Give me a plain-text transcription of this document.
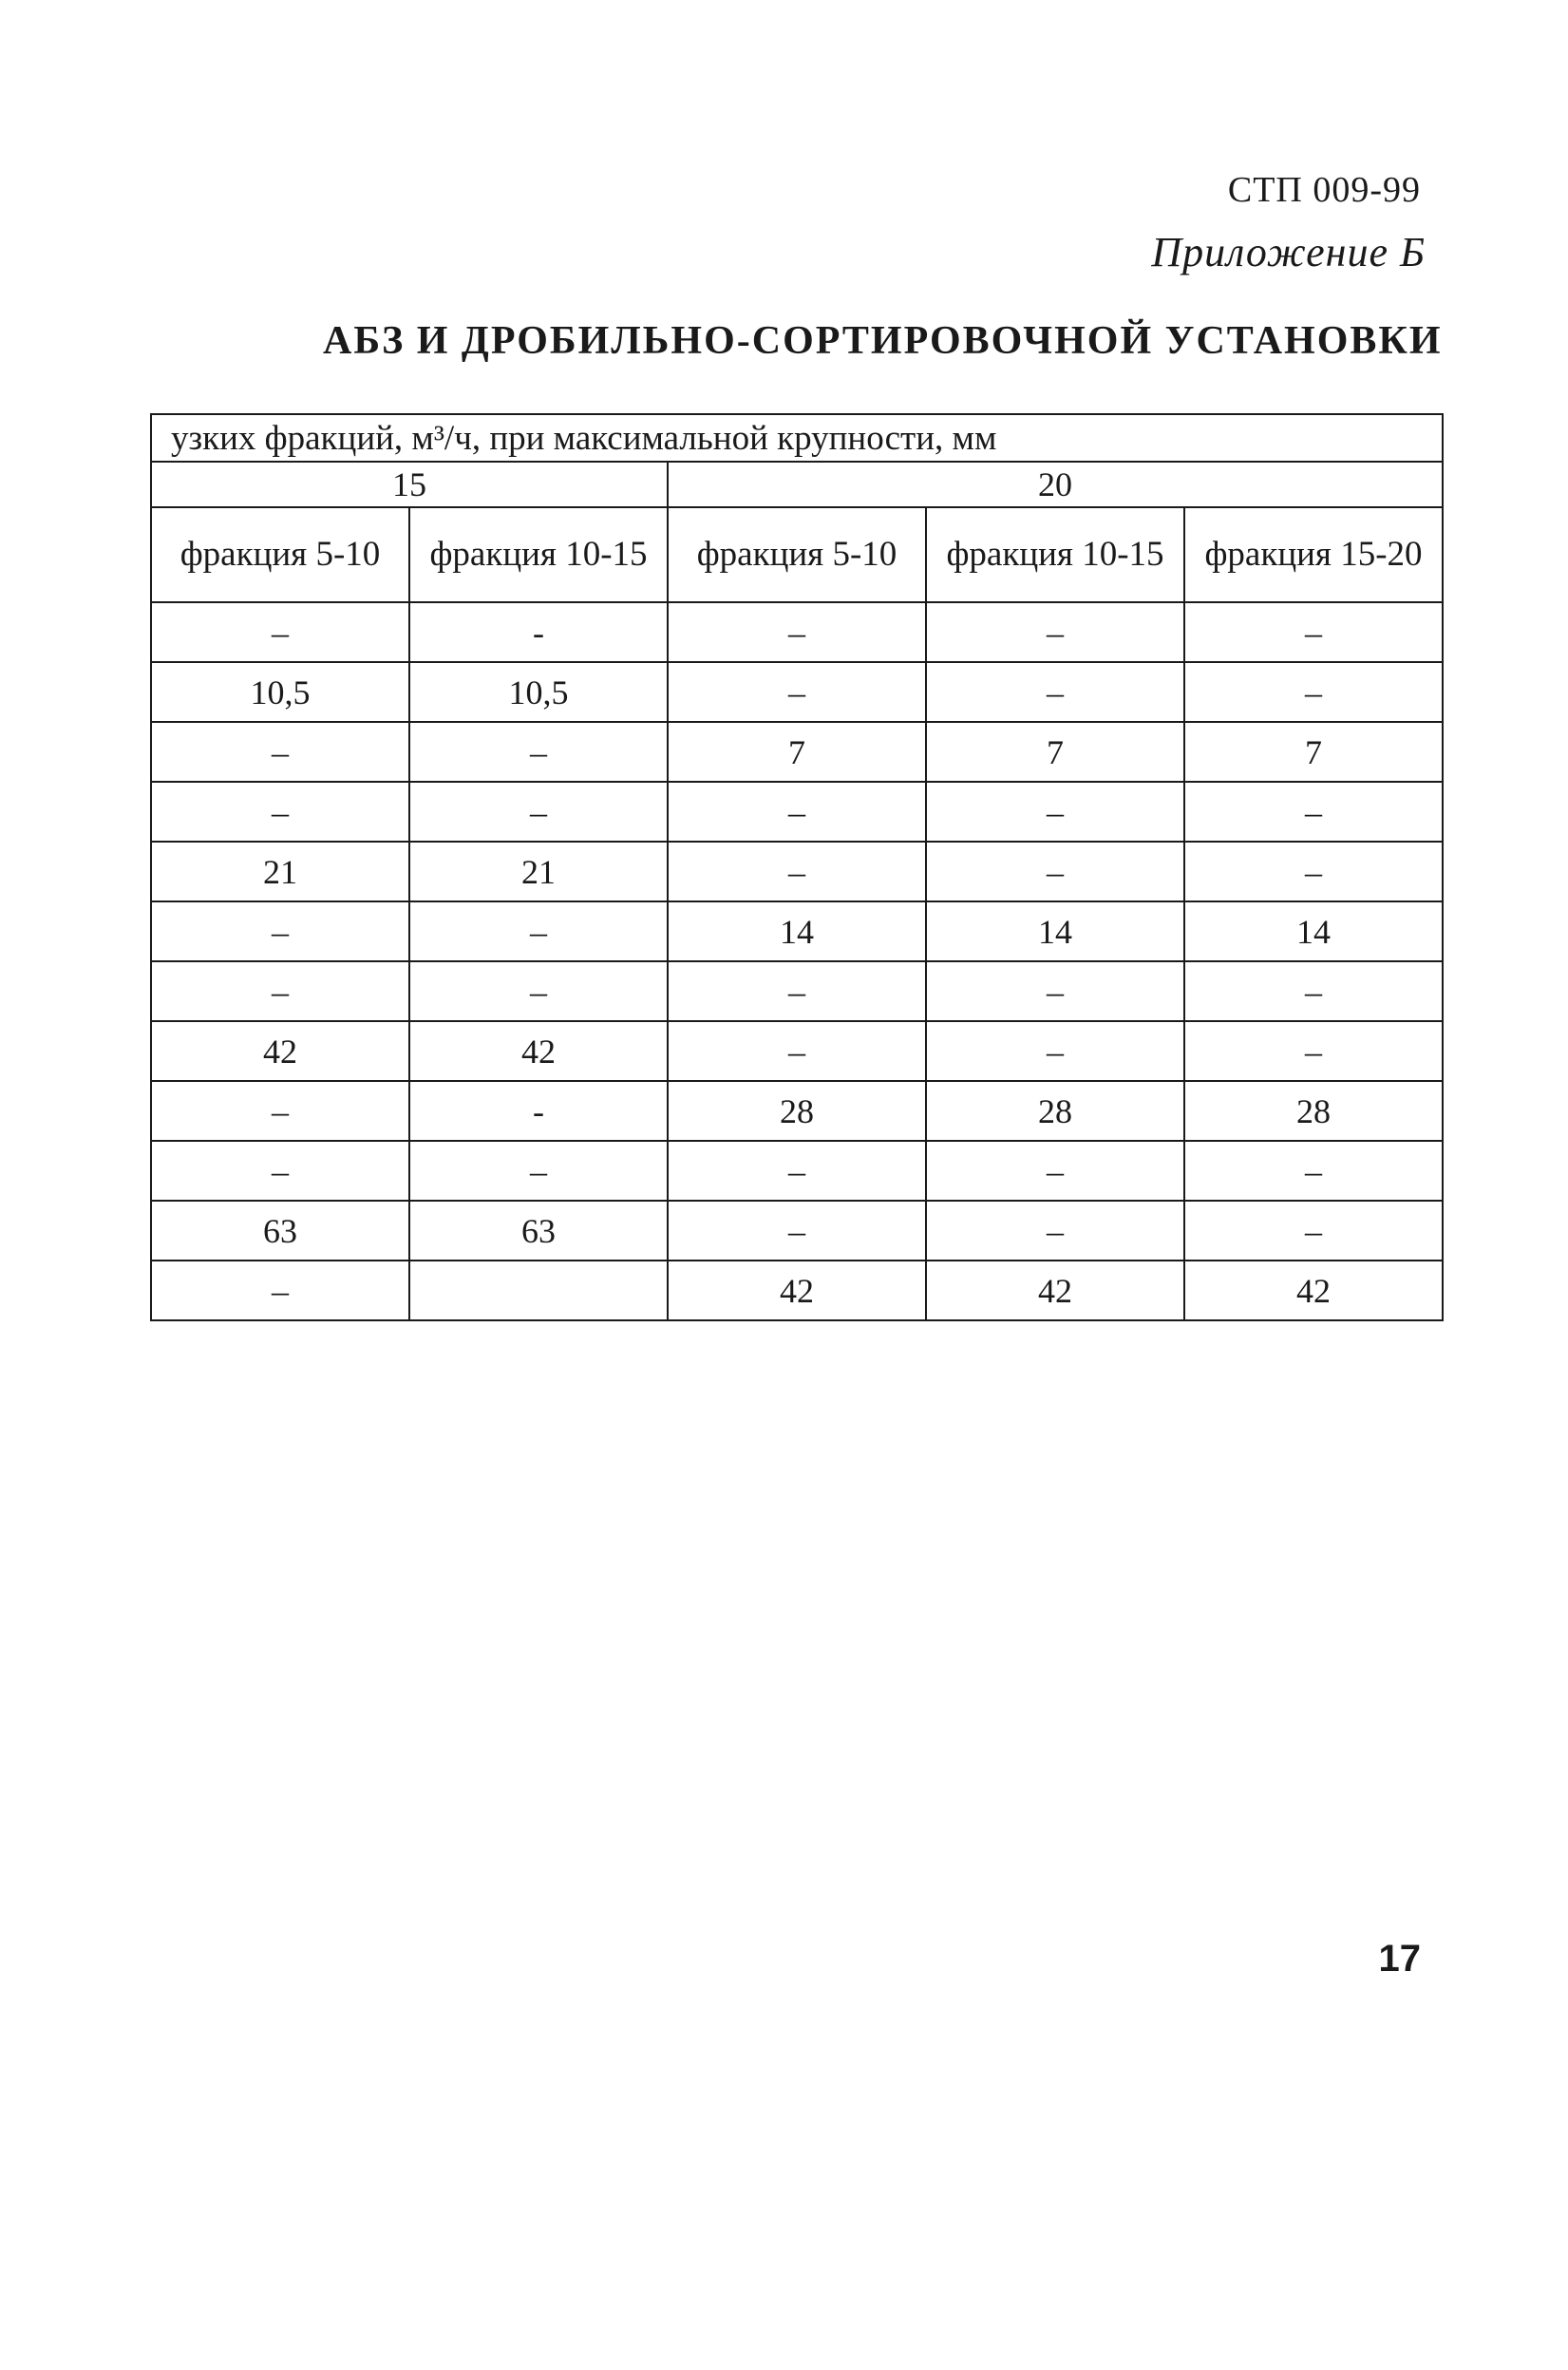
СТП 009-99
Приложение Б
АБЗ И ДРОБИЛЬНО-СОРТИРОВОЧНОЙ УСТАНОВКИ
узких фракций, м³/ч, при максимальной крупности, мм				
15		20		
фракция 5-10	фракция 10-15	фракция 5-10	фракция 10-15	фракция 15-20
–	-	–	–	–
10,5	10,5	–	–	–
–	–	7	7	7
–	–	–	–	–
21	21	–	–	–
–	–	14	14	14
–	–	–	–	–
42	42	–	–	–
–	-	28	28	28
–	–	–	–	–
63	63	–	–	–
–		42	42	42
17
